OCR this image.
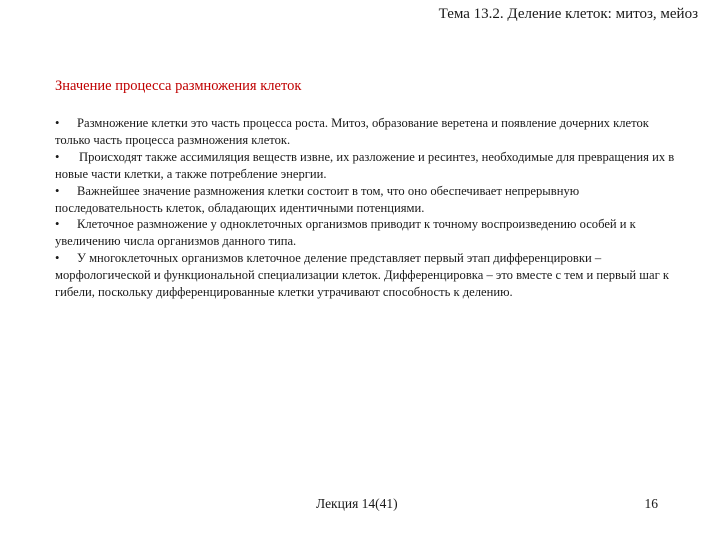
Тема 13.2. Деление клеток: митоз, мейоз
Значение процесса размножения клеток

• Размножение клетки это часть процесса роста. Митоз, образование веретена и появление дочерних клеток только часть процесса размножения клеток.

• Происходят также ассимиляция веществ извне, их разложение и ресинтез, необходимые для превращения их в новые части клетки, а также потребление энергии.

• Важнейшее значение размножения клетки состоит в том, что оно обеспечивает непрерывную последовательность клеток, обладающих идентичными потенциями.

• Клеточное размножение у одноклеточных организмов приводит к точному воспроизведению особей и к увеличению числа организмов данного типа.

• У многоклеточных организмов клеточное деление представляет первый этап дифференцировки – морфологической и функциональной специализации клеток. Дифференцировка – это вместе с тем и первый шаг к гибели, поскольку дифференцированные клетки утрачивают способность к делению.

Лекция 14(41)	16
